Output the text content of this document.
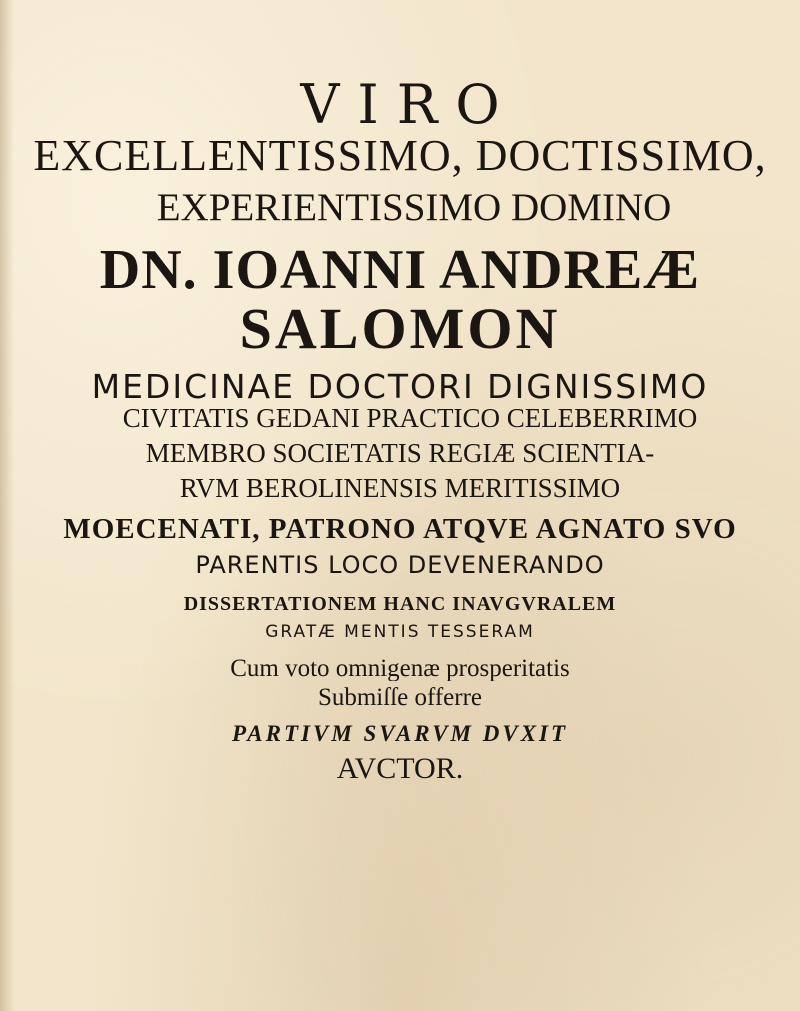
VIRO
EXCELLENTISSIMO, DOCTISSIMO,
EXPERIENTISSIMO DOMINO
DN. IOANNI ANDREÆ
SALOMON
MEDICINAE DOCTORI DIGNISSIMO
CIVITATIS GEDANI PRACTICO CELEBERRIMO
MEMBRO SOCIETATIS REGIÆ SCIENTIA-
RVM BEROLINENSIS MERITISSIMO
MOECENATI, PATRONO ATQVE AGNATO SVO
PARENTIS LOCO DEVENERANDO
DISSERTATIONEM HANC INAVGVRALEM
GRATÆ MENTIS TESSERAM
Cum voto omnigenæ prosperitatis
Submiſſe offerre
PARTIVM SVARVM DVXIT
AVCTOR.
